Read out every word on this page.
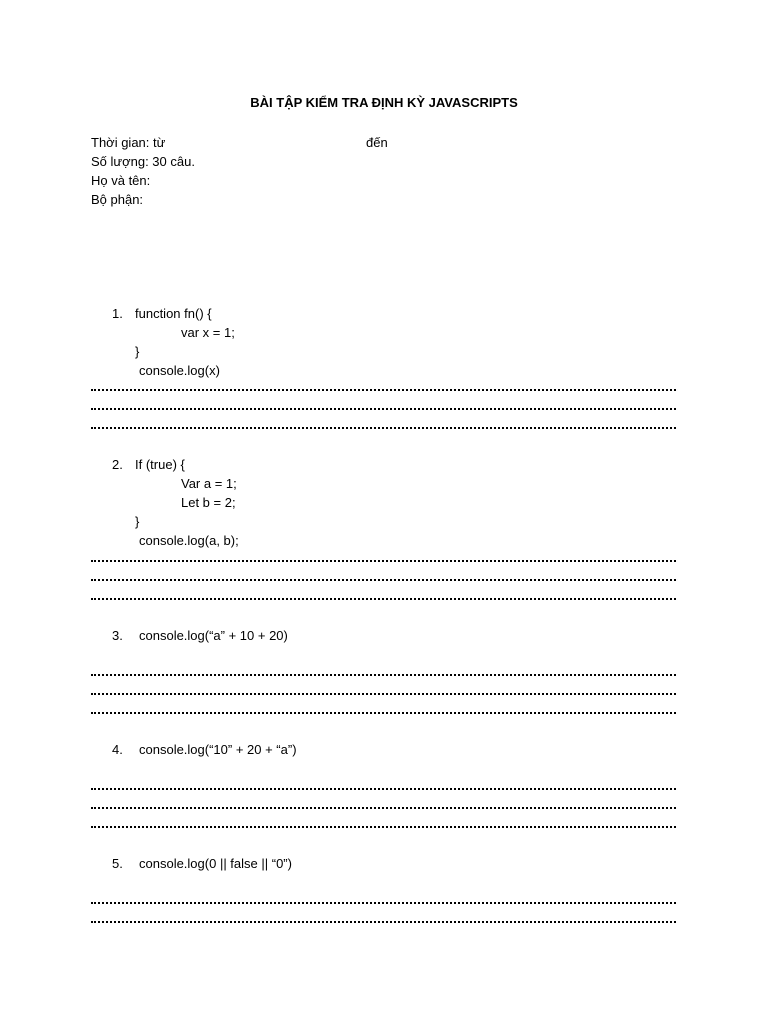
BÀI TẬP KIỂM TRA ĐỊNH KỲ JAVASCRIPTS
Thời gian: từ	đến
Số lượng: 30 câu.
Họ và tên:
Bộ phận:
1. function fn() {
var x = 1;
}
console.log(x)
2. If (true) {
Var a = 1;
Let b = 2;
}
console.log(a, b);
3. console.log(“a” + 10 + 20)
4. console.log(“10” + 20 + “a”)
5. console.log(0 || false || “0”)
